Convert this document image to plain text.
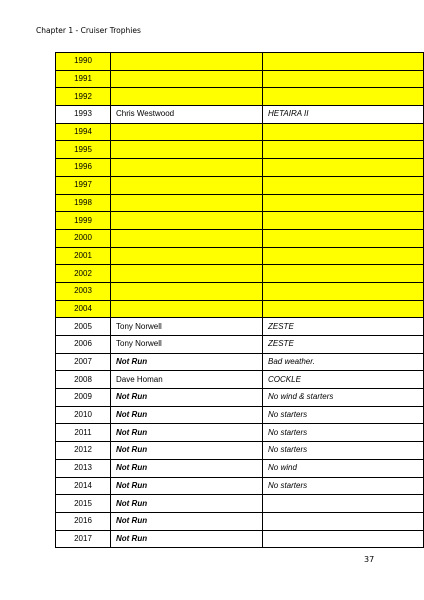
Chapter 1 - Cruiser Trophies
1990		
1991		
1992		
1993	Chris Westwood	HETAIRA II
1994		
1995		
1996		
1997		
1998		
1999		
2000		
2001		
2002		
2003		
2004		
2005	Tony Norwell	ZESTE
2006	Tony Norwell	ZESTE
2007	Not Run	Bad weather.
2008	Dave Homan	COCKLE
2009	Not Run	No wind & starters
2010	Not Run	No starters
2011	Not Run	No starters
2012	Not Run	No starters
2013	Not Run	No wind
2014	Not Run	No starters
2015	Not Run	
2016	Not Run	
2017	Not Run	
37
